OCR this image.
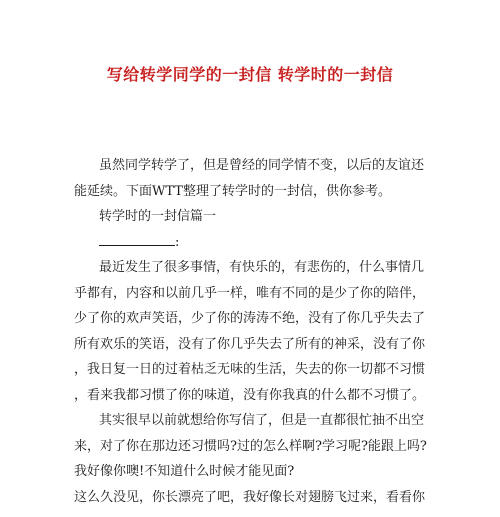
写给转学同学的一封信 转学时的一封信

虽然同学转学了，但是曾经的同学情不变，以后的友谊还

能延续。下面WTT整理了转学时的一封信，供你参考。

转学时的一封信篇一

:

最近发生了很多事情，有快乐的，有悲伤的，什么事情几

乎都有，内容和以前几乎一样，唯有不同的是少了你的陪伴，

少了你的欢声笑语，少了你的涛涛不绝，没有了你几乎失去了

所有欢乐的笑语，没有了你几乎失去了所有的神采，没有了你

，我日复一日的过着枯乏无味的生活，失去的你一切都不习惯

，看来我都习惯了你的味道，没有你我真的什么都不习惯了。

其实很早以前就想给你写信了，但是一直都很忙抽不出空

来，对了你在那边还习惯吗?过的怎么样啊?学习呢?能跟上吗?

我好像你噢!不知道什么时候才能见面?

这么久没见，你长漂亮了吧，我好像长对翅膀飞过来，看看你
